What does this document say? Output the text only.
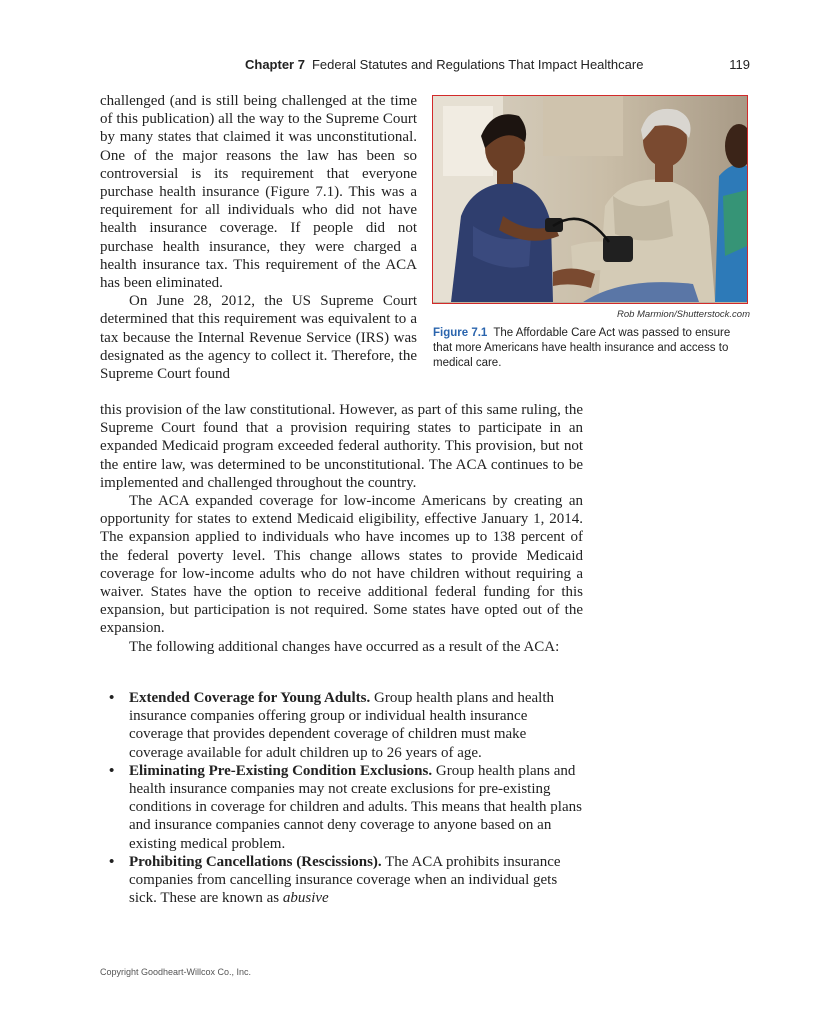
Chapter 7 Federal Statutes and Regulations That Impact Healthcare	119

challenged (and is still being challenged at the time of this publication) all the way to the Supreme Court by many states that claimed it was unconstitutional. One of the major reasons the law has been so controversial is its requirement that everyone purchase health insurance (Figure 7.1). This was a requirement for all individuals who did not have health insurance coverage. If people did not purchase health insurance, they were charged a health insurance tax. This requirement of the ACA has been eliminated.

On June 28, 2012, the US Supreme Court determined that this requirement was equivalent to a tax because the Internal Revenue Service (IRS) was designated as the agency to collect it. Therefore, the Supreme Court found

Rob Marmion/Shutterstock.com
Figure 7.1 The Affordable Care Act was passed to ensure that more Americans have health insurance and access to medical care.

this provision of the law constitutional. However, as part of this same ruling, the Supreme Court found that a provision requiring states to participate in an expanded Medicaid program exceeded federal authority. This provision, but not the entire law, was determined to be unconstitutional. The ACA continues to be implemented and challenged throughout the country.

The ACA expanded coverage for low-income Americans by creating an opportunity for states to extend Medicaid eligibility, effective January 1, 2014. The expansion applied to individuals who have incomes up to 138 percent of the federal poverty level. This change allows states to provide Medicaid coverage for low-income adults who do not have children without requiring a waiver. States have the option to receive additional federal funding for this expansion, but participation is not required. Some states have opted out of the expansion.

The following additional changes have occurred as a result of the ACA:

• Extended Coverage for Young Adults. Group health plans and health insurance companies offering group or individual health insurance coverage that provides dependent coverage of children must make coverage available for adult children up to 26 years of age.
• Eliminating Pre-Existing Condition Exclusions. Group health plans and health insurance companies may not create exclusions for pre-existing conditions in coverage for children and adults. This means that health plans and insurance companies cannot deny coverage to anyone based on an existing medical problem.
• Prohibiting Cancellations (Rescissions). The ACA prohibits insurance companies from cancelling insurance coverage when an individual gets sick. These are known as abusive
Copyright Goodheart-Willcox Co., Inc.
